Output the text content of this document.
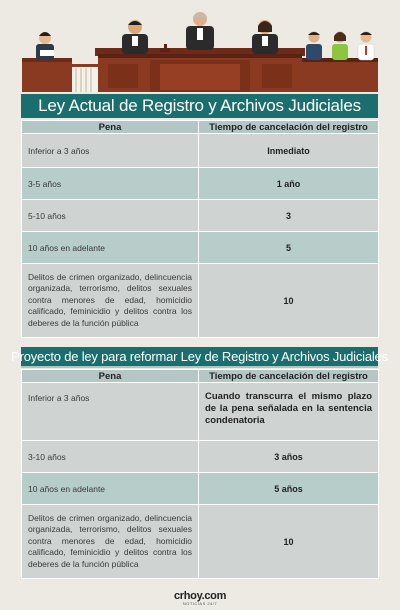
Ley Actual de Registro y Archivos Judiciales
Pena	Tiempo de cancelación del registro
Inferior a 3 años	Inmediato
3-5 años	1 año
5-10 años	3
10 años en adelante	5
Delitos de crimen organizado, delincuencia organizada, terrorismo, delitos sexuales contra menores de edad, homicidio calificado, feminicidio y delitos contra los deberes de la función pública	10
Proyecto de ley para reformar Ley de Registro y Archivos Judiciales
Pena	Tiempo de cancelación del registro
Inferior a 3 años	Cuando transcurra el mismo plazo de la pena señalada en la sentencia condenatoria
3-10 años	3 años
10 años en adelante	5 años
Delitos de crimen organizado, delincuencia organizada, terrorismo, delitos sexuales contra menores de edad, homicidio calificado, feminicidio y delitos contra los deberes de la función pública	10
crhoy.com
NOTICIAS 24/7
